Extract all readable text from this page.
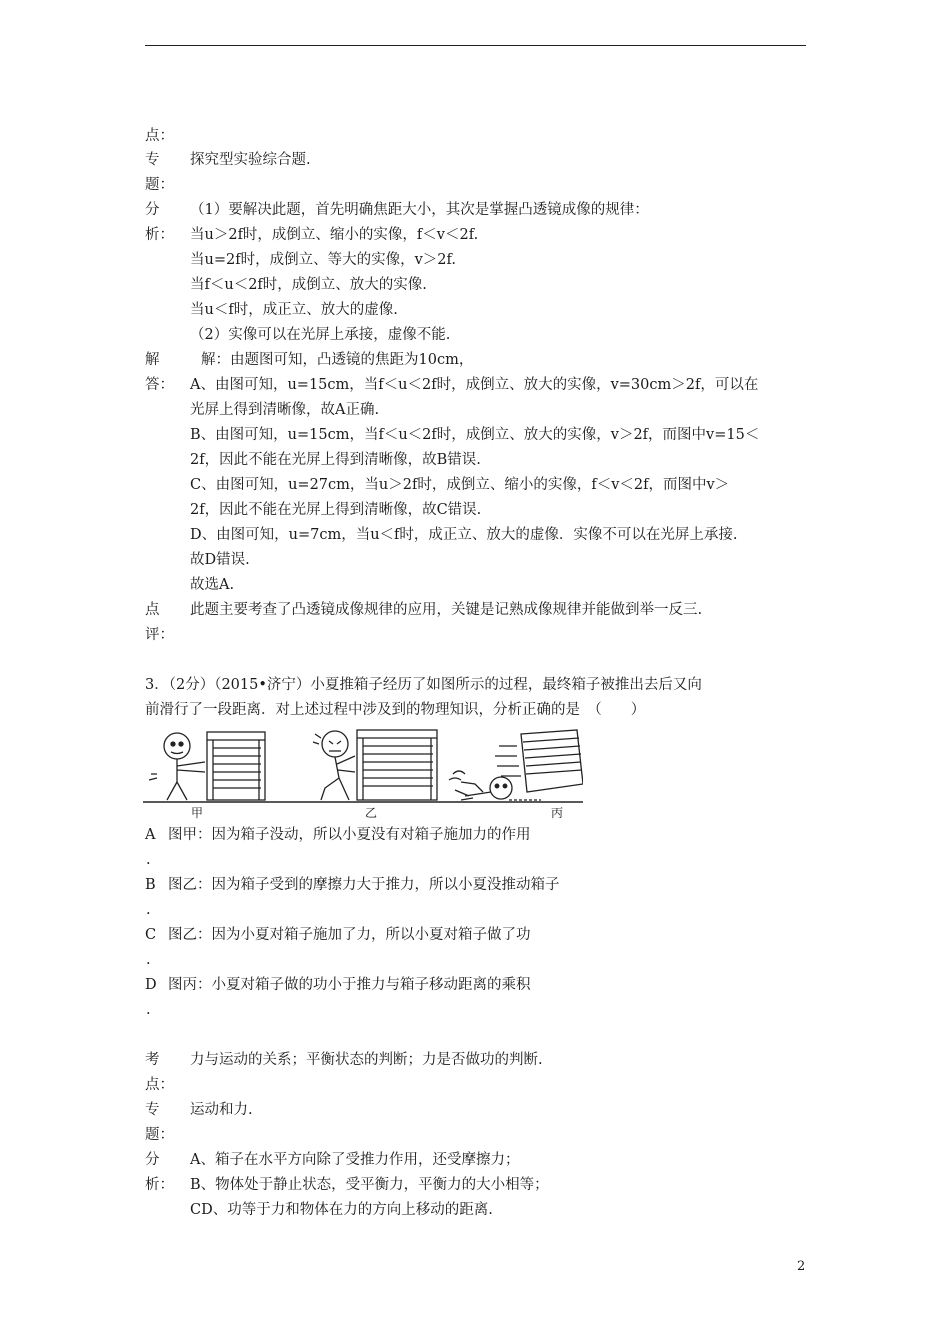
点：
专	探究型实验综合题.
题：
分	（1）要解决此题，首先明确焦距大小，其次是掌握凸透镜成像的规律：
析： 当u＞2f时，成倒立、缩小的实像，f＜v＜2f.
当u=2f时，成倒立、等大的实像，v＞2f.
当f＜u＜2f时，成倒立、放大的实像.
当u＜f时，成正立、放大的虚像.
（2）实像可以在光屏上承接，虚像不能.
解	解：由题图可知，凸透镜的焦距为10cm，
答： A、由图可知，u=15cm，当f＜u＜2f时，成倒立、放大的实像，v=30cm＞2f，可以在
光屏上得到清晰像，故A正确.
B、由图可知，u=15cm，当f＜u＜2f时，成倒立、放大的实像，v＞2f，而图中v=15＜
2f，因此不能在光屏上得到清晰像，故B错误.
C、由图可知，u=27cm，当u＞2f时，成倒立、缩小的实像，f＜v＜2f，而图中v＞
2f，因此不能在光屏上得到清晰像，故C错误.
D、由图可知，u=7cm，当u＜f时，成正立、放大的虚像．实像不可以在光屏上承接.
故D错误.
故选A.
点	此题主要考查了凸透镜成像规律的应用，关键是记熟成像规律并能做到举一反三.
评：
3．（2分）（2015•济宁）小夏推箱子经历了如图所示的过程，最终箱子被推出去后又向
前滑行了一段距离．对上述过程中涉及到的物理知识，分析正确的是　（　　）
甲	乙	丙
A 图甲：因为箱子没动，所以小夏没有对箱子施加力的作用
.
B 图乙：因为箱子受到的摩擦力大于推力，所以小夏没推动箱子
.
C 图乙：因为小夏对箱子施加了力，所以小夏对箱子做了功
.
D 图丙：小夏对箱子做的功小于推力与箱子移动距离的乘积
.
考	力与运动的关系；平衡状态的判断；力是否做功的判断.
点：
专	运动和力.
题：
分	A、箱子在水平方向除了受推力作用，还受摩擦力；
析： B、物体处于静止状态，受平衡力，平衡力的大小相等；
CD、功等于力和物体在力的方向上移动的距离.
2
